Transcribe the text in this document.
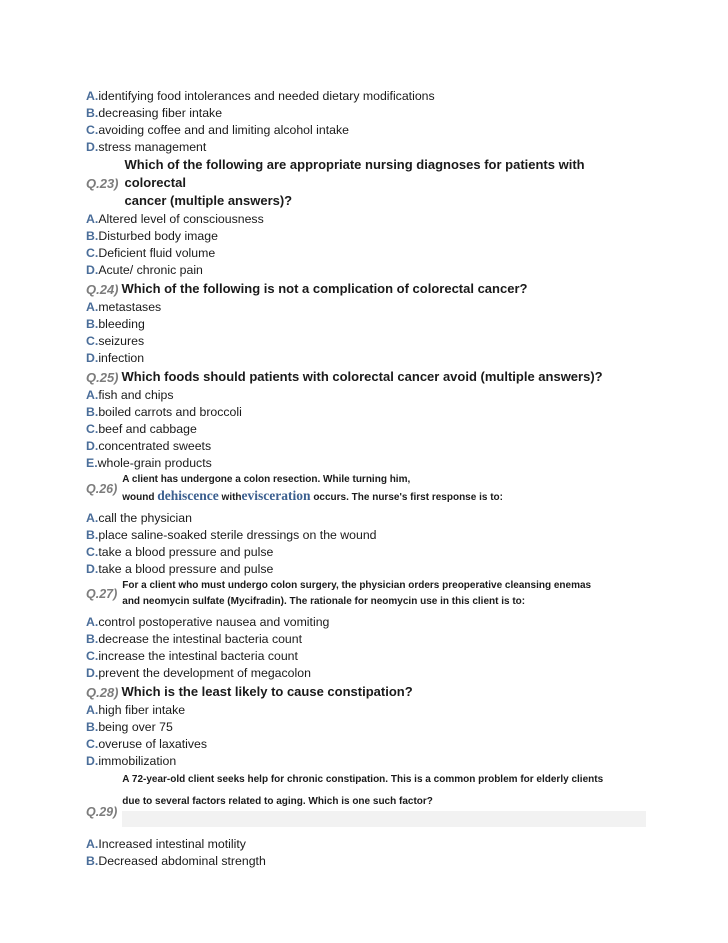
A.identifying food intolerances and needed dietary modifications
B.decreasing fiber intake
C.avoiding coffee and and limiting alcohol intake
D.stress management
Q.23)
Which of the following are appropriate nursing diagnoses for patients with colorectal
cancer (multiple answers)?
A.Altered level of consciousness
B.Disturbed body image
C.Deficient fluid volume
D.Acute/ chronic pain
Q.24) Which of the following is not a complication of colorectal cancer?
A.metastases
B.bleeding
C.seizures
D.infection
Q.25) Which foods should patients with colorectal cancer avoid (multiple answers)?
A.fish and chips
B.boiled carrots and broccoli
C.beef and cabbage
D.concentrated sweets
E.whole-grain products
Q.26)
A client has undergone a colon resection. While turning him,
wound dehiscence withevisceration occurs. The nurse's first response is to:
A.call the physician
B.place saline-soaked sterile dressings on the wound
C.take a blood pressure and pulse
D.take a blood pressure and pulse
Q.27)
For a client who must undergo colon surgery, the physician orders preoperative cleansing enemas
and neomycin sulfate (Mycifradin). The rationale for neomycin use in this client is to:
A.control postoperative nausea and vomiting
B.decrease the intestinal bacteria count
C.increase the intestinal bacteria count
D.prevent the development of megacolon
Q.28) Which is the least likely to cause constipation?
A.high fiber intake
B.being over 75
C.overuse of laxatives
D.immobilization
Q.29)
A 72-year-old client seeks help for chronic constipation. This is a common problem for elderly clients
due to several factors related to aging. Which is one such factor?
A.Increased intestinal motility
B.Decreased abdominal strength
